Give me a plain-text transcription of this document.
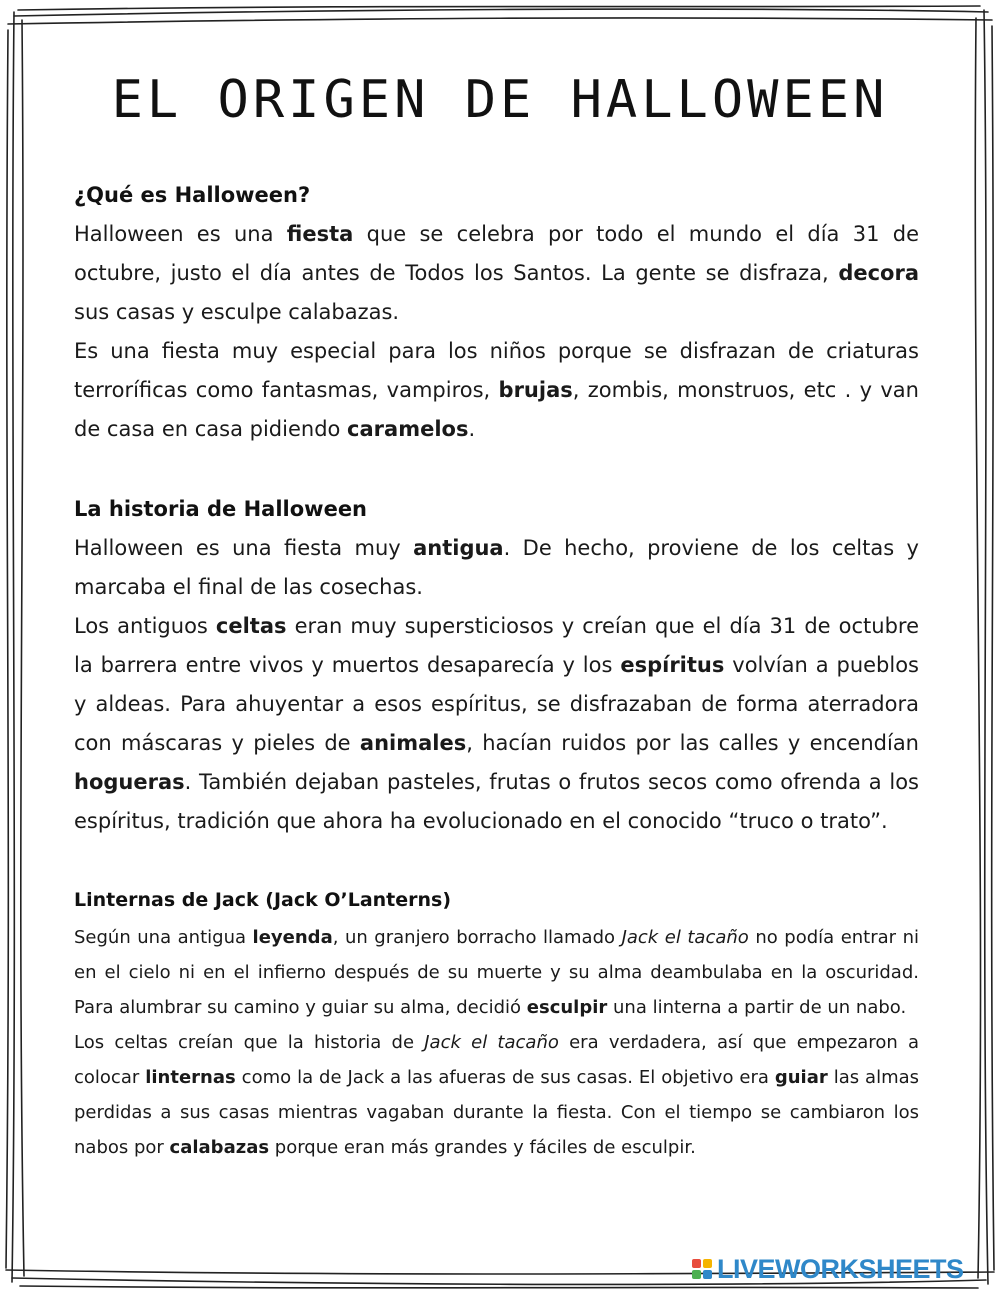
EL ORIGEN DE HALLOWEEN

¿Qué es Halloween?

Halloween es una fiesta que se celebra por todo el mundo el día 31 de octubre, justo el día antes de Todos los Santos. La gente se disfraza, decora sus casas y esculpe calabazas.

Es una fiesta muy especial para los niños porque se disfrazan de criaturas terroríficas como fantasmas, vampiros, brujas, zombis, monstruos, etc . y van de casa en casa pidiendo caramelos.

La historia de Halloween

Halloween es una fiesta muy antigua. De hecho, proviene de los celtas y marcaba el final de las cosechas.

Los antiguos celtas eran muy supersticiosos y creían que el día 31 de octubre la barrera entre vivos y muertos desaparecía y los espíritus volvían a pueblos y aldeas. Para ahuyentar a esos espíritus, se disfrazaban de forma aterradora con máscaras y pieles de animales, hacían ruidos por las calles y encendían hogueras. También dejaban pasteles, frutas o frutos secos como ofrenda a los espíritus, tradición que ahora ha evolucionado en el conocido “truco o trato”.

Linternas de Jack (Jack O’Lanterns)

Según una antigua leyenda, un granjero borracho llamado Jack el tacaño no podía entrar ni en el cielo ni en el infierno después de su muerte y su alma deambulaba en la oscuridad. Para alumbrar su camino y guiar su alma, decidió esculpir una linterna a partir de un nabo.

Los celtas creían que la historia de Jack el tacaño era verdadera, así que empezaron a colocar linternas como la de Jack a las afueras de sus casas. El objetivo era guiar las almas perdidas a sus casas mientras vagaban durante la fiesta. Con el tiempo se cambiaron los nabos por calabazas porque eran más grandes y fáciles de esculpir.

LIVEWORKSHEETS
